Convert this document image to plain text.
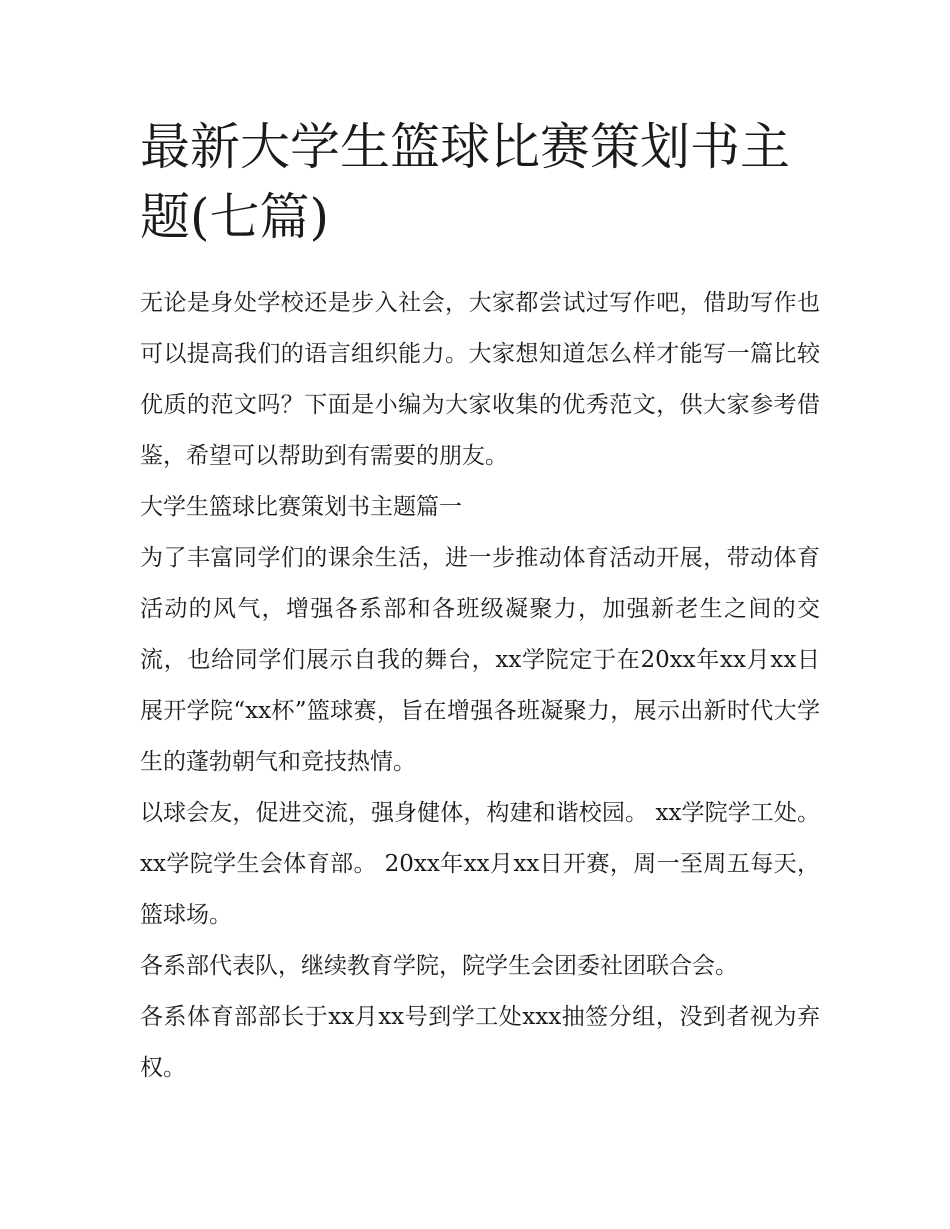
最新大学生篮球比赛策划书主题(七篇)

无论是身处学校还是步入社会，大家都尝试过写作吧，借助写作也可以提高我们的语言组织能力。大家想知道怎么样才能写一篇比较优质的范文吗？下面是小编为大家收集的优秀范文，供大家参考借鉴，希望可以帮助到有需要的朋友。

大学生篮球比赛策划书主题篇一

为了丰富同学们的课余生活，进一步推动体育活动开展，带动体育活动的风气，增强各系部和各班级凝聚力，加强新老生之间的交流，也给同学们展示自我的舞台，xx学院定于在20xx年xx月xx日展开学院“xx杯”篮球赛，旨在增强各班凝聚力，展示出新时代大学生的蓬勃朝气和竞技热情。

以球会友，促进交流，强身健体，构建和谐校园。 xx学院学工处。 xx学院学生会体育部。 20xx年xx月xx日开赛，周一至周五每天，篮球场。

各系部代表队，继续教育学院，院学生会团委社团联合会。

各系体育部部长于xx月xx号到学工处xxx抽签分组，没到者视为弃权。
